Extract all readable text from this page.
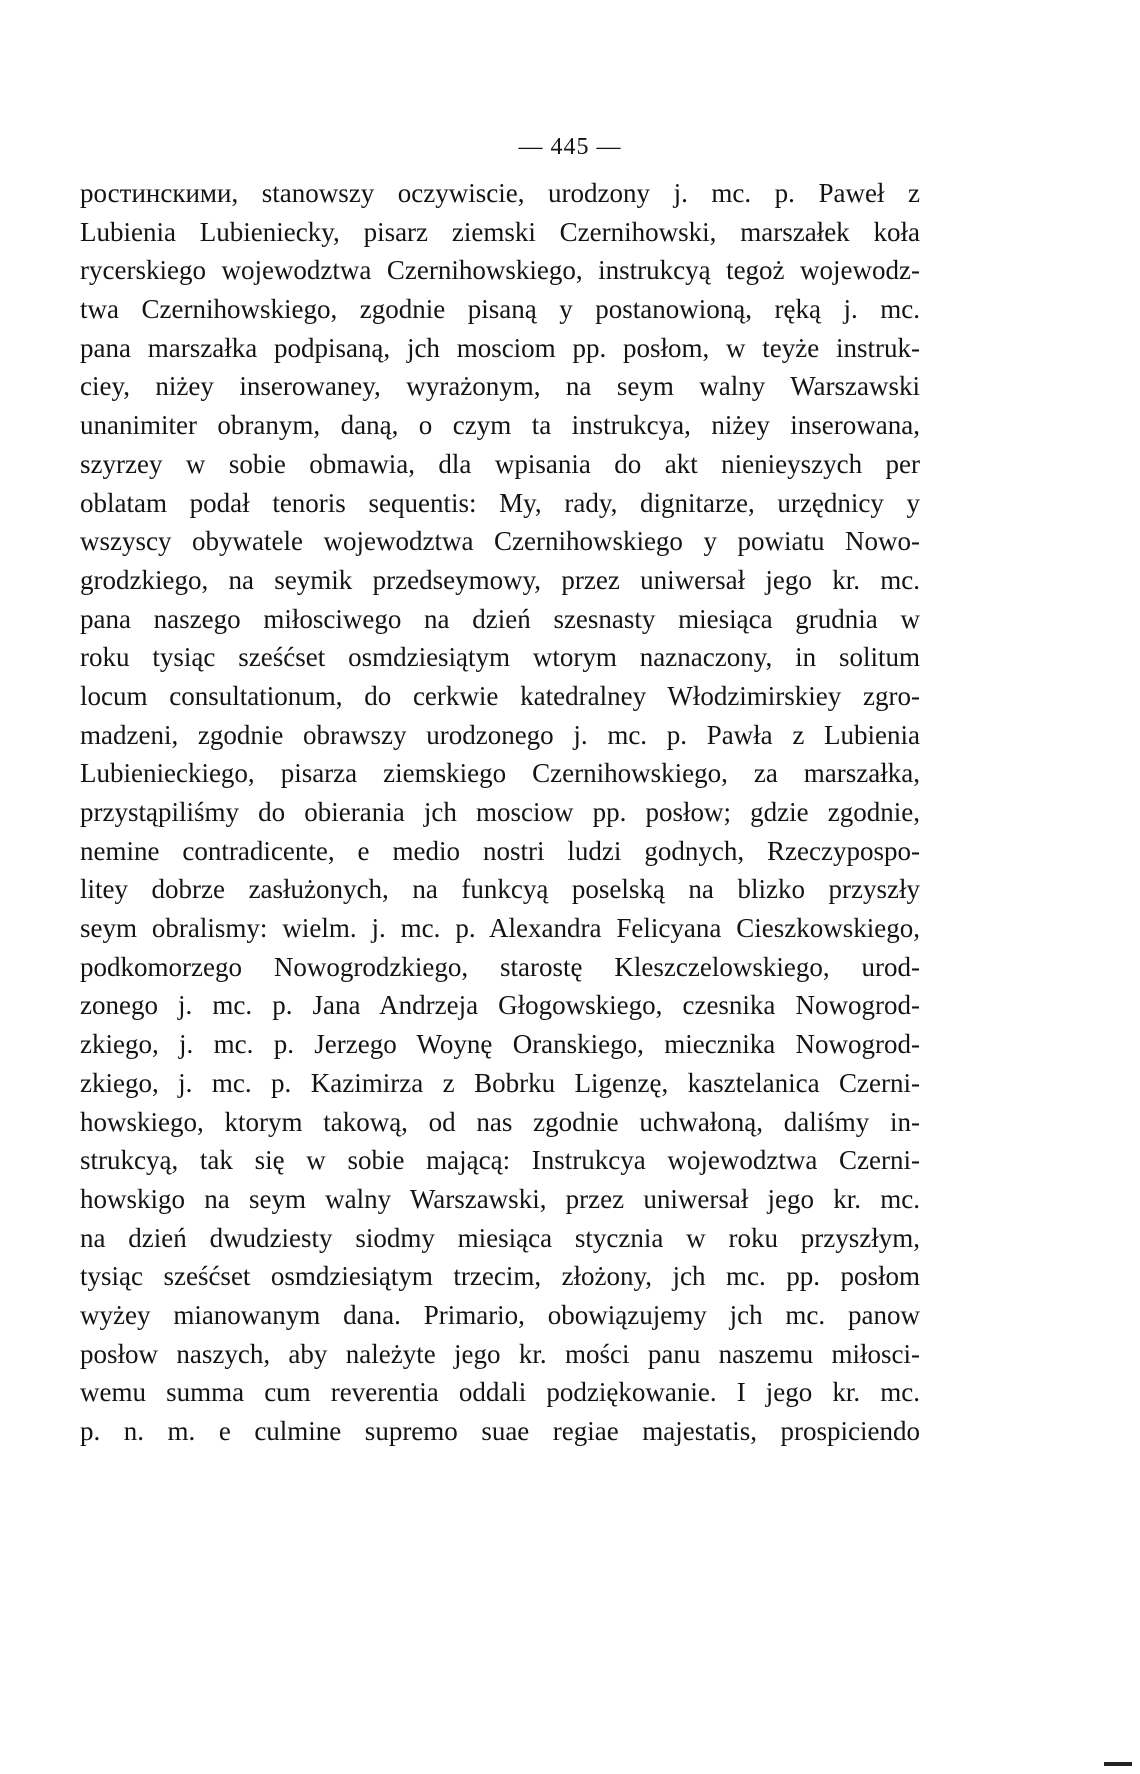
— 445 —
ростинскими, stanowszy oczywiscie, urodzony j. mc. p. Paweł z
Lubienia Lubieniecky, pisarz ziemski Czernihowski, marszałek koła
rycerskiego wojewodztwa Czernihowskiego, instrukcyą tegoż wojewodz-
twa Czernihowskiego, zgodnie pisaną y postanowioną, ręką j. mc.
pana marszałka podpisaną, jch mosciom pp. posłom, w teyże instruk-
ciey, niżey inserowaney, wyrażonym, na seym walny Warszawski
unanimiter obranym, daną, o czym ta instrukcya, niżey inserowana,
szyrzey w sobie obmawia, dla wpisania do akt nienieyszych per
oblatam podał tenoris sequentis: My, rady, dignitarze, urzędnicy y
wszyscy obywatele wojewodztwa Czernihowskiego y powiatu Nowo-
grodzkiego, na seymik przedseymowy, przez uniwersał jego kr. mc.
pana naszego miłosciwego na dzień szesnasty miesiąca grudnia w
roku tysiąc sześćset osmdziesiątym wtorym naznaczony, in solitum
locum consultationum, do cerkwie katedralney Włodzimirskiey zgro-
madzeni, zgodnie obrawszy urodzonego j. mc. p. Pawła z Lubienia
Lubienieckiego, pisarza ziemskiego Czernihowskiego, za marszałka,
przystąpiliśmy do obierania jch mosciow pp. posłow; gdzie zgodnie,
nemine contradicente, e medio nostri ludzi godnych, Rzeczypospo-
litey dobrze zasłużonych, na funkcyą poselską na blizko przyszły
seym obralismy: wielm. j. mc. p. Alexandra Felicyana Cieszkowskiego,
podkomorzego Nowogrodzkiego, starostę Kleszczelowskiego, urod-
zonego j. mc. p. Jana Andrzeja Głogowskiego, czesnika Nowogrod-
zkiego, j. mc. p. Jerzego Woynę Oranskiego, miecznika Nowogrod-
zkiego, j. mc. p. Kazimirza z Bobrku Ligenzę, kasztelanica Czerni-
howskiego, ktorym takową, od nas zgodnie uchwałoną, daliśmy in-
strukcyą, tak się w sobie mającą: Instrukcya wojewodztwa Czerni-
howskigo na seym walny Warszawski, przez uniwersał jego kr. mc.
na dzień dwudziesty siodmy miesiąca stycznia w roku przyszłym,
tysiąc sześćset osmdziesiątym trzecim, złożony, jch mc. pp. posłom
wyżey mianowanym dana. Primario, obowiązujemy jch mc. panow
posłow naszych, aby należyte jego kr. mości panu naszemu miłosci-
wemu summa cum reverentia oddali podziękowanie. I jego kr. mc.
p. n. m. e culmine supremo suae regiae majestatis, prospiciendo
